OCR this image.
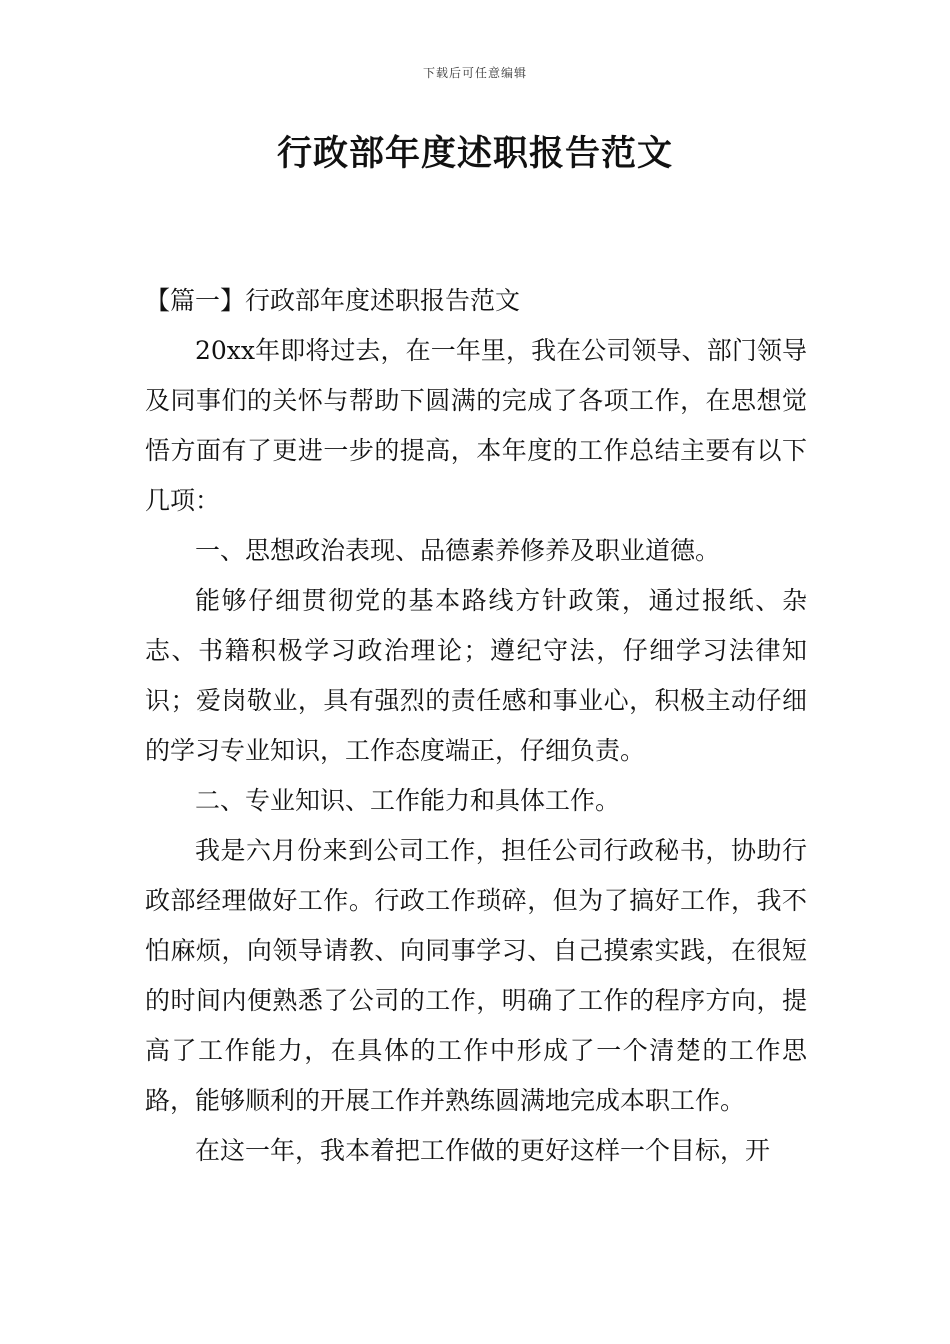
下载后可任意编辑
行政部年度述职报告范文

【篇一】行政部年度述职报告范文

20xx年即将过去，在一年里，我在公司领导、部门领导及同事们的关怀与帮助下圆满的完成了各项工作，在思想觉悟方面有了更进一步的提高，本年度的工作总结主要有以下几项：

一、思想政治表现、品德素养修养及职业道德。

能够仔细贯彻党的基本路线方针政策，通过报纸、杂志、书籍积极学习政治理论；遵纪守法，仔细学习法律知识；爱岗敬业，具有强烈的责任感和事业心，积极主动仔细的学习专业知识，工作态度端正，仔细负责。

二、专业知识、工作能力和具体工作。

我是六月份来到公司工作，担任公司行政秘书，协助行政部经理做好工作。行政工作琐碎，但为了搞好工作，我不怕麻烦，向领导请教、向同事学习、自己摸索实践，在很短的时间内便熟悉了公司的工作，明确了工作的程序方向，提高了工作能力，在具体的工作中形成了一个清楚的工作思路，能够顺利的开展工作并熟练圆满地完成本职工作。

在这一年，我本着把工作做的更好这样一个目标，开
